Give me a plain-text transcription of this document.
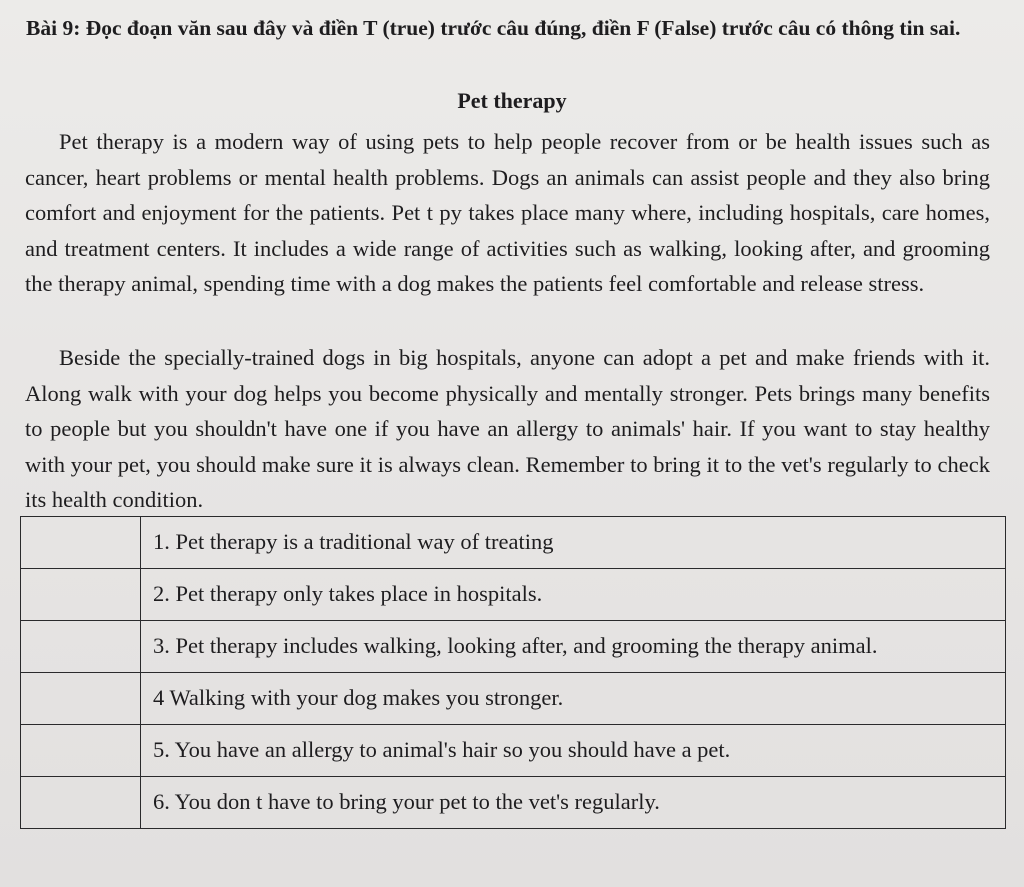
Bài 9: Đọc đoạn văn sau đây và điền T (true) trước câu đúng, điền F (False) trước câu có thông tin sai.
Pet therapy
Pet therapy is a modern way of using pets to help people recover from or be health issues such as cancer, heart problems or mental health problems. Dogs an animals can assist people and they also bring comfort and enjoyment for the patients. Pet t py takes place many where, including hospitals, care homes, and treatment centers. It includes a wide range of activities such as walking, looking after, and grooming the therapy animal, spending time with a dog makes the patients feel comfortable and release stress.
Beside the specially-trained dogs in big hospitals, anyone can adopt a pet and make friends with it. Along walk with your dog helps you become physically and mentally stronger. Pets brings many benefits to people but you shouldn't have one if you have an allergy to animals' hair. If you want to stay healthy with your pet, you should make sure it is always clean. Remember to bring it to the vet's regularly to check its health condition.
	1. Pet therapy is a traditional way of treating
	2. Pet therapy only takes place in hospitals.
	3. Pet therapy includes walking, looking after, and grooming the therapy animal.
	4 Walking with your dog makes you stronger.
	5. You have an allergy to animal's hair so you should have a pet.
	6. You don t have to bring your pet to the vet's regularly.
